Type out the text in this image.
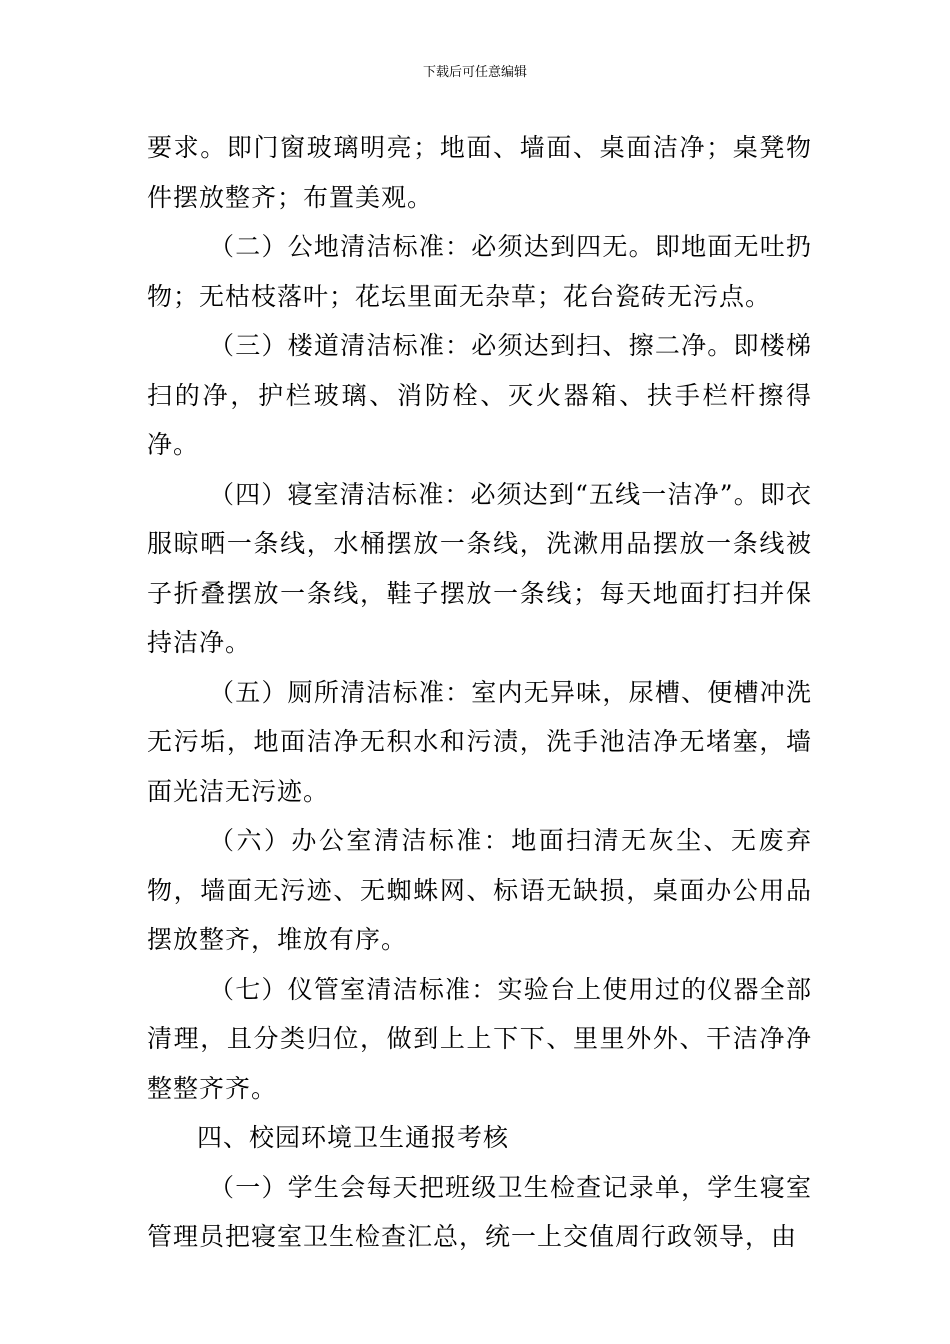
下载后可任意编辑

要求。即门窗玻璃明亮；地面、墙面、桌面洁净；桌凳物件摆放整齐；布置美观。

（二）公地清洁标准：必须达到四无。即地面无吐扔物；无枯枝落叶；花坛里面无杂草；花台瓷砖无污点。

（三）楼道清洁标准：必须达到扫、擦二净。即楼梯扫的净，护栏玻璃、消防栓、灭火器箱、扶手栏杆擦得净。

（四）寝室清洁标准：必须达到“五线一洁净”。即衣服晾晒一条线，水桶摆放一条线，洗漱用品摆放一条线被子折叠摆放一条线，鞋子摆放一条线；每天地面打扫并保持洁净。

（五）厕所清洁标准：室内无异味，尿槽、便槽冲洗无污垢，地面洁净无积水和污渍，洗手池洁净无堵塞，墙面光洁无污迹。

（六）办公室清洁标准：地面扫清无灰尘、无废弃物，墙面无污迹、无蜘蛛网、标语无缺损，桌面办公用品摆放整齐，堆放有序。

（七）仪管室清洁标准：实验台上使用过的仪器全部清理，且分类归位，做到上上下下、里里外外、干洁净净整整齐齐。

四、校园环境卫生通报考核

（一）学生会每天把班级卫生检查记录单，学生寝室管理员把寝室卫生检查汇总，统一上交值周行政领导，由
